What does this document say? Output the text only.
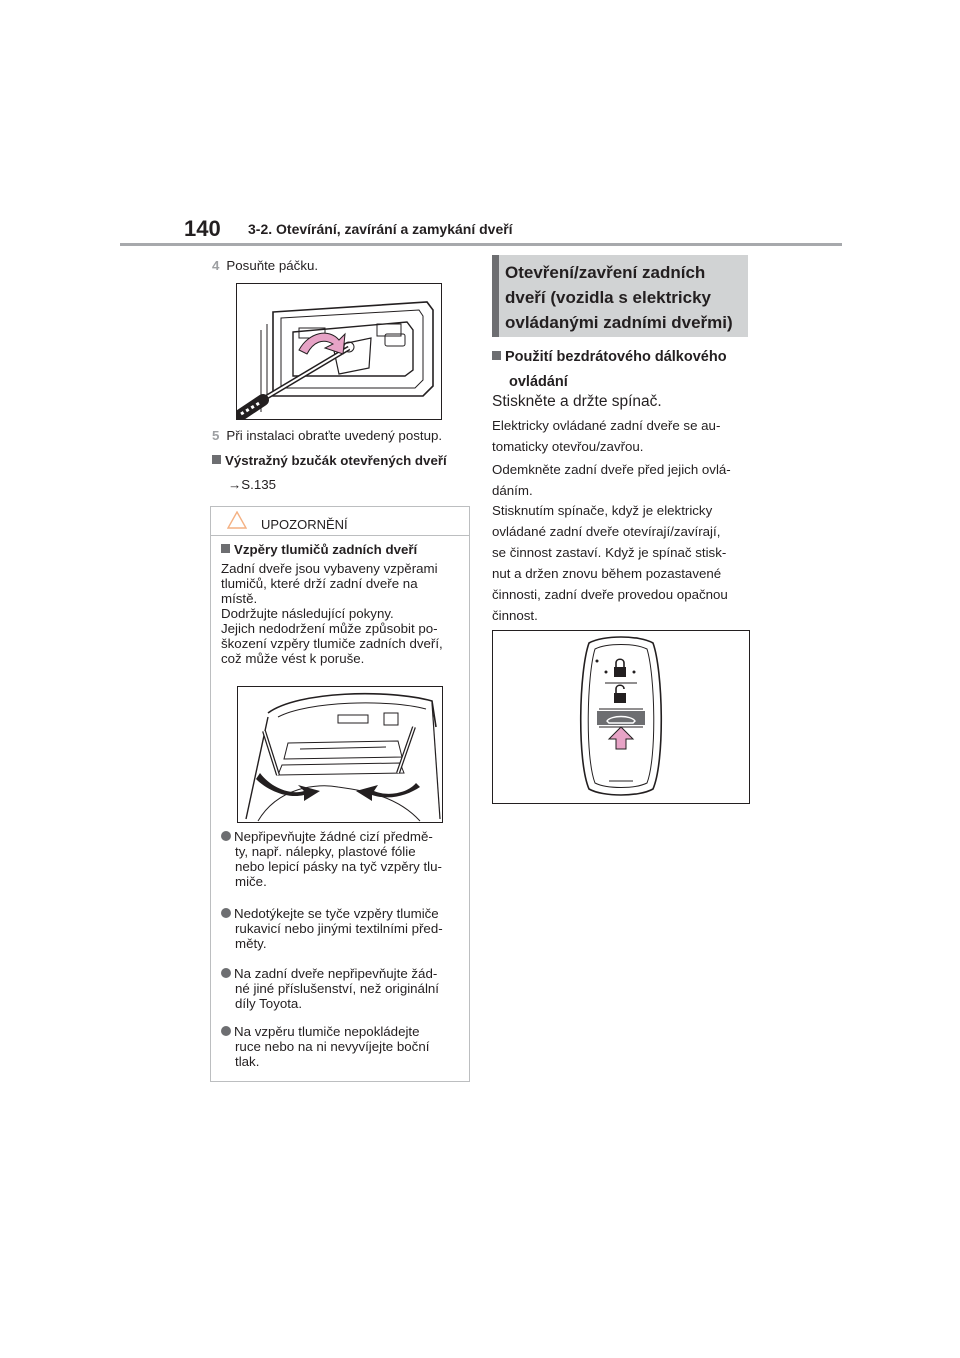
140 3-2. Otevírání, zavírání a zamykání dveří
4 Posuňte páčku.
5 Při instalaci obraťte uvedený postup.
Výstražný bzučák otevřených dveří
→S.135
UPOZORNĚNÍ
Vzpěry tlumičů zadních dveří
Zadní dveře jsou vybaveny vzpěrami
tlumičů, které drží zadní dveře na
místě.
Dodržujte následující pokyny.
Jejich nedodržení může způsobit po-
škození vzpěry tlumiče zadních dveří,
což může vést k poruše.
Nepřipevňujte žádné cizí předmě-
ty, např. nálepky, plastové fólie
nebo lepicí pásky na tyč vzpěry tlu-
miče.
Nedotýkejte se tyče vzpěry tlumiče
rukavicí nebo jinými textilními před-
měty.
Na zadní dveře nepřipevňujte žád-
né jiné příslušenství, než originální
díly Toyota.
Na vzpěru tlumiče nepokládejte
ruce nebo na ni nevyvíjejte boční
tlak.
Otevření/zavření zadních
dveří (vozidla s elektricky
ovládanými zadními dveřmi)
Použití bezdrátového dálkového
ovládání
Stiskněte a držte spínač.
Elektricky ovládané zadní dveře se au-
tomaticky otevřou/zavřou.
Odemkněte zadní dveře před jejich ovlá-
dáním.
Stisknutím spínače, když je elektricky
ovládané zadní dveře otevírají/zavírají,
se činnost zastaví. Když je spínač stisk-
nut a držen znovu během pozastavené
činnosti, zadní dveře provedou opačnou
činnost.
